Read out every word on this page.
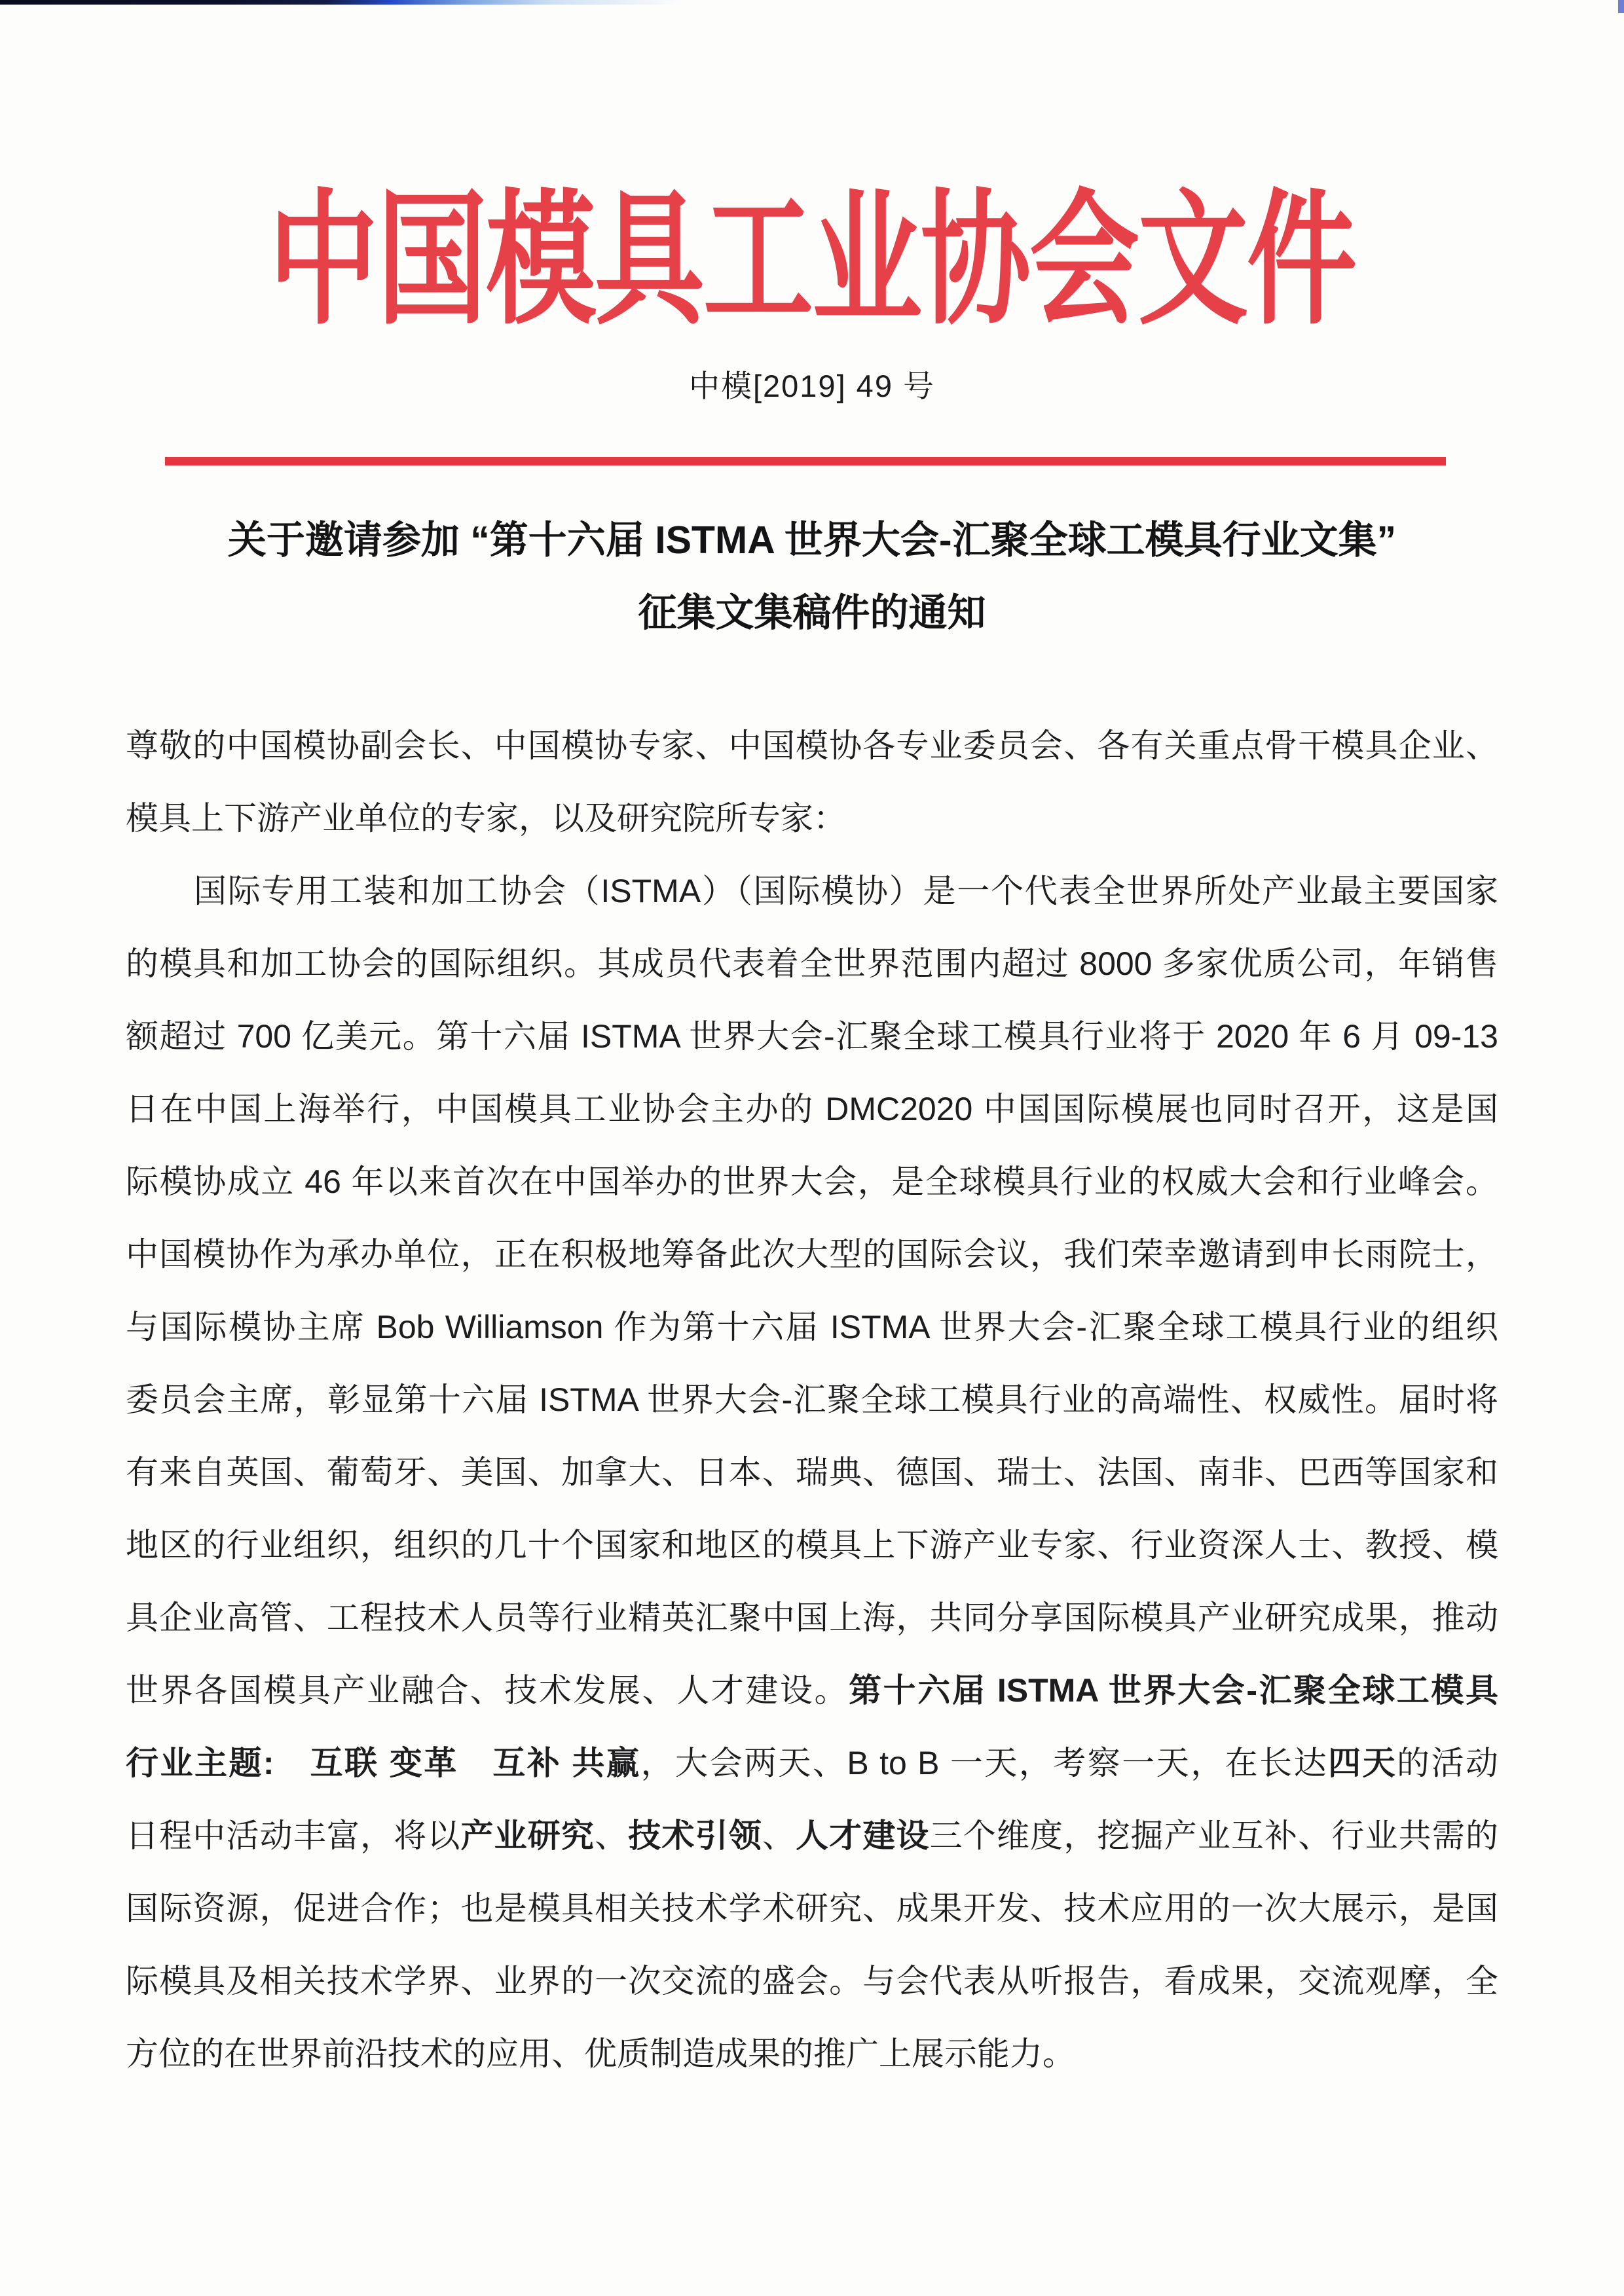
中国模具工业协会文件
中模[2019] 49 号
关于邀请参加 “第十六届 ISTMA 世界大会-汇聚全球工模具行业文集”
征集文集稿件的通知
尊敬的中国模协副会长、中国模协专家、中国模协各专业委员会、各有关重点骨干模具企业、
模具上下游产业单位的专家，以及研究院所专家：
国际专用工装和加工协会（ISTMA）（国际模协）是一个代表全世界所处产业最主要国家
的模具和加工协会的国际组织。其成员代表着全世界范围内超过 8000 多家优质公司，年销售
额超过 700 亿美元。第十六届 ISTMA 世界大会-汇聚全球工模具行业将于 2020 年 6 月 09-13
日在中国上海举行，中国模具工业协会主办的 DMC2020 中国国际模展也同时召开，这是国
际模协成立 46 年以来首次在中国举办的世界大会，是全球模具行业的权威大会和行业峰会。
中国模协作为承办单位，正在积极地筹备此次大型的国际会议，我们荣幸邀请到申长雨院士，
与国际模协主席 Bob Williamson 作为第十六届 ISTMA 世界大会-汇聚全球工模具行业的组织
委员会主席，彰显第十六届 ISTMA 世界大会-汇聚全球工模具行业的高端性、权威性。届时将
有来自英国、葡萄牙、美国、加拿大、日本、瑞典、德国、瑞士、法国、南非、巴西等国家和
地区的行业组织，组织的几十个国家和地区的模具上下游产业专家、行业资深人士、教授、模
具企业高管、工程技术人员等行业精英汇聚中国上海，共同分享国际模具产业研究成果，推动
世界各国模具产业融合、技术发展、人才建设。第十六届 ISTMA 世界大会-汇聚全球工模具
行业主题:　互联 变革　互补 共赢，大会两天、B to B 一天，考察一天，在长达四天的活动
日程中活动丰富，将以产业研究、技术引领、人才建设三个维度，挖掘产业互补、行业共需的
国际资源，促进合作；也是模具相关技术学术研究、成果开发、技术应用的一次大展示，是国
际模具及相关技术学界、业界的一次交流的盛会。与会代表从听报告，看成果，交流观摩，全
方位的在世界前沿技术的应用、优质制造成果的推广上展示能力。
